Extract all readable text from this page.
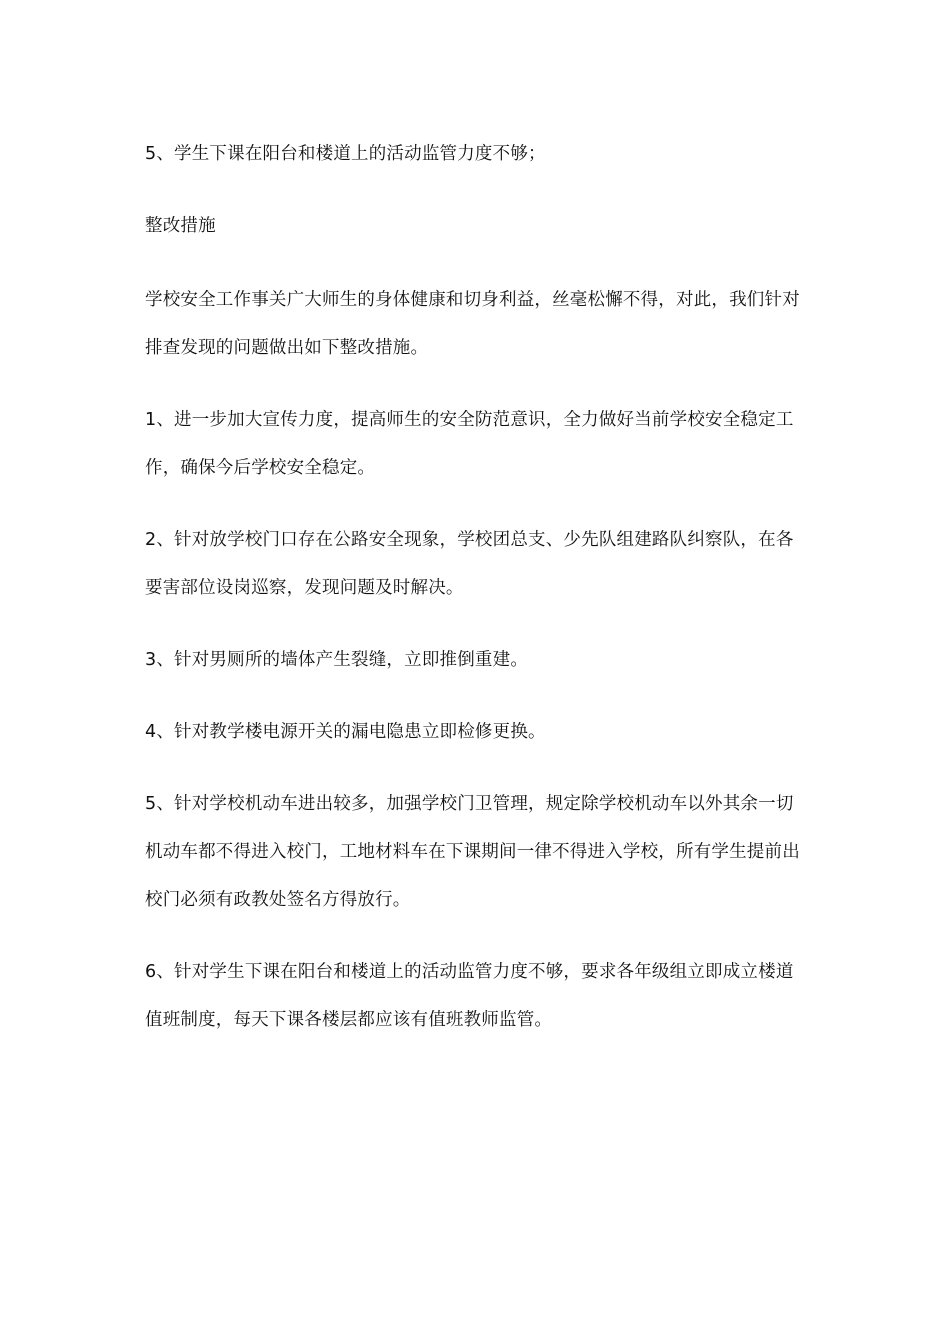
5、学生下课在阳台和楼道上的活动监管力度不够；

整改措施

学校安全工作事关广大师生的身体健康和切身利益，丝毫松懈不得，对此，我们针对排查发现的问题做出如下整改措施。

1、进一步加大宣传力度，提高师生的安全防范意识，全力做好当前学校安全稳定工作，确保今后学校安全稳定。

2、针对放学校门口存在公路安全现象，学校团总支、少先队组建路队纠察队，在各要害部位设岗巡察，发现问题及时解决。

3、针对男厕所的墙体产生裂缝，立即推倒重建。

4、针对教学楼电源开关的漏电隐患立即检修更换。

5、针对学校机动车进出较多，加强学校门卫管理，规定除学校机动车以外其余一切机动车都不得进入校门，工地材料车在下课期间一律不得进入学校，所有学生提前出校门必须有政教处签名方得放行。

6、针对学生下课在阳台和楼道上的活动监管力度不够，要求各年级组立即成立楼道值班制度，每天下课各楼层都应该有值班教师监管。
